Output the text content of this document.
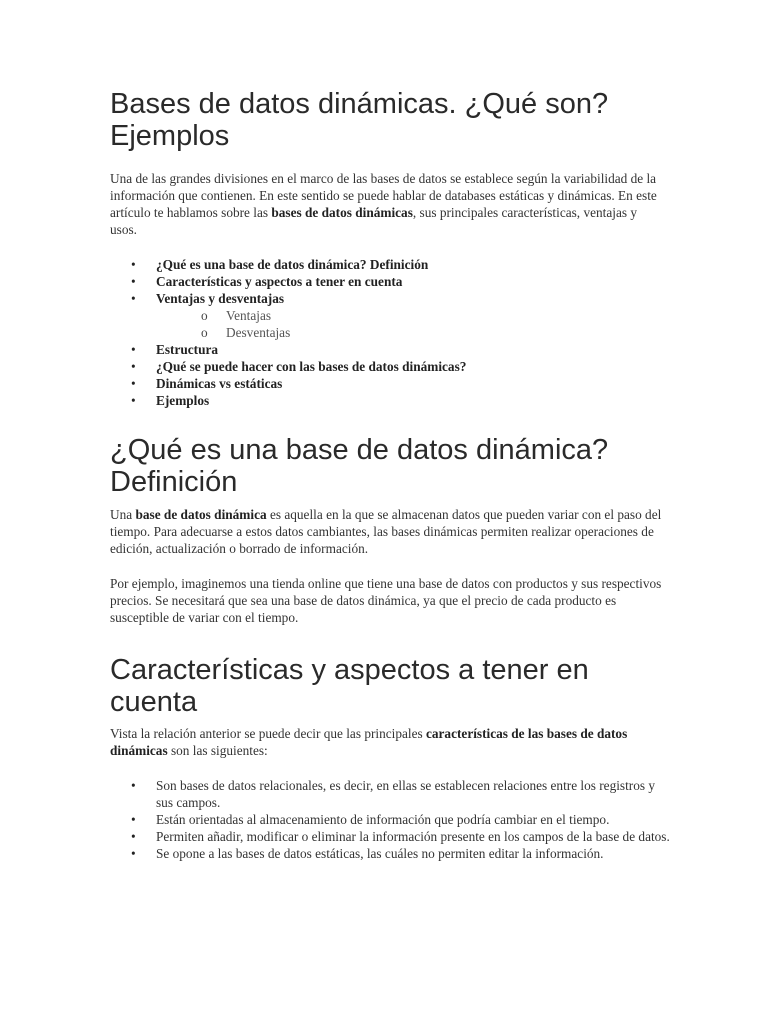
Bases de datos dinámicas. ¿Qué son? Ejemplos

Una de las grandes divisiones en el marco de las bases de datos se establece según la variabilidad de la información que contienen. En este sentido se puede hablar de databases estáticas y dinámicas. En este artículo te hablamos sobre las bases de datos dinámicas, sus principales características, ventajas y usos.

• ¿Qué es una base de datos dinámica? Definición
• Características y aspectos a tener en cuenta
• Ventajas y desventajas
o Ventajas
o Desventajas
• Estructura
• ¿Qué se puede hacer con las bases de datos dinámicas?
• Dinámicas vs estáticas
• Ejemplos
¿Qué es una base de datos dinámica? Definición

Una base de datos dinámica es aquella en la que se almacenan datos que pueden variar con el paso del tiempo. Para adecuarse a estos datos cambiantes, las bases dinámicas permiten realizar operaciones de edición, actualización o borrado de información.

Por ejemplo, imaginemos una tienda online que tiene una base de datos con productos y sus respectivos precios. Se necesitará que sea una base de datos dinámica, ya que el precio de cada producto es susceptible de variar con el tiempo.

Características y aspectos a tener en cuenta

Vista la relación anterior se puede decir que las principales características de las bases de datos dinámicas son las siguientes:

• Son bases de datos relacionales, es decir, en ellas se establecen relaciones entre los registros y sus campos.
• Están orientadas al almacenamiento de información que podría cambiar en el tiempo.
• Permiten añadir, modificar o eliminar la información presente en los campos de la base de datos.
• Se opone a las bases de datos estáticas, las cuáles no permiten editar la información.
